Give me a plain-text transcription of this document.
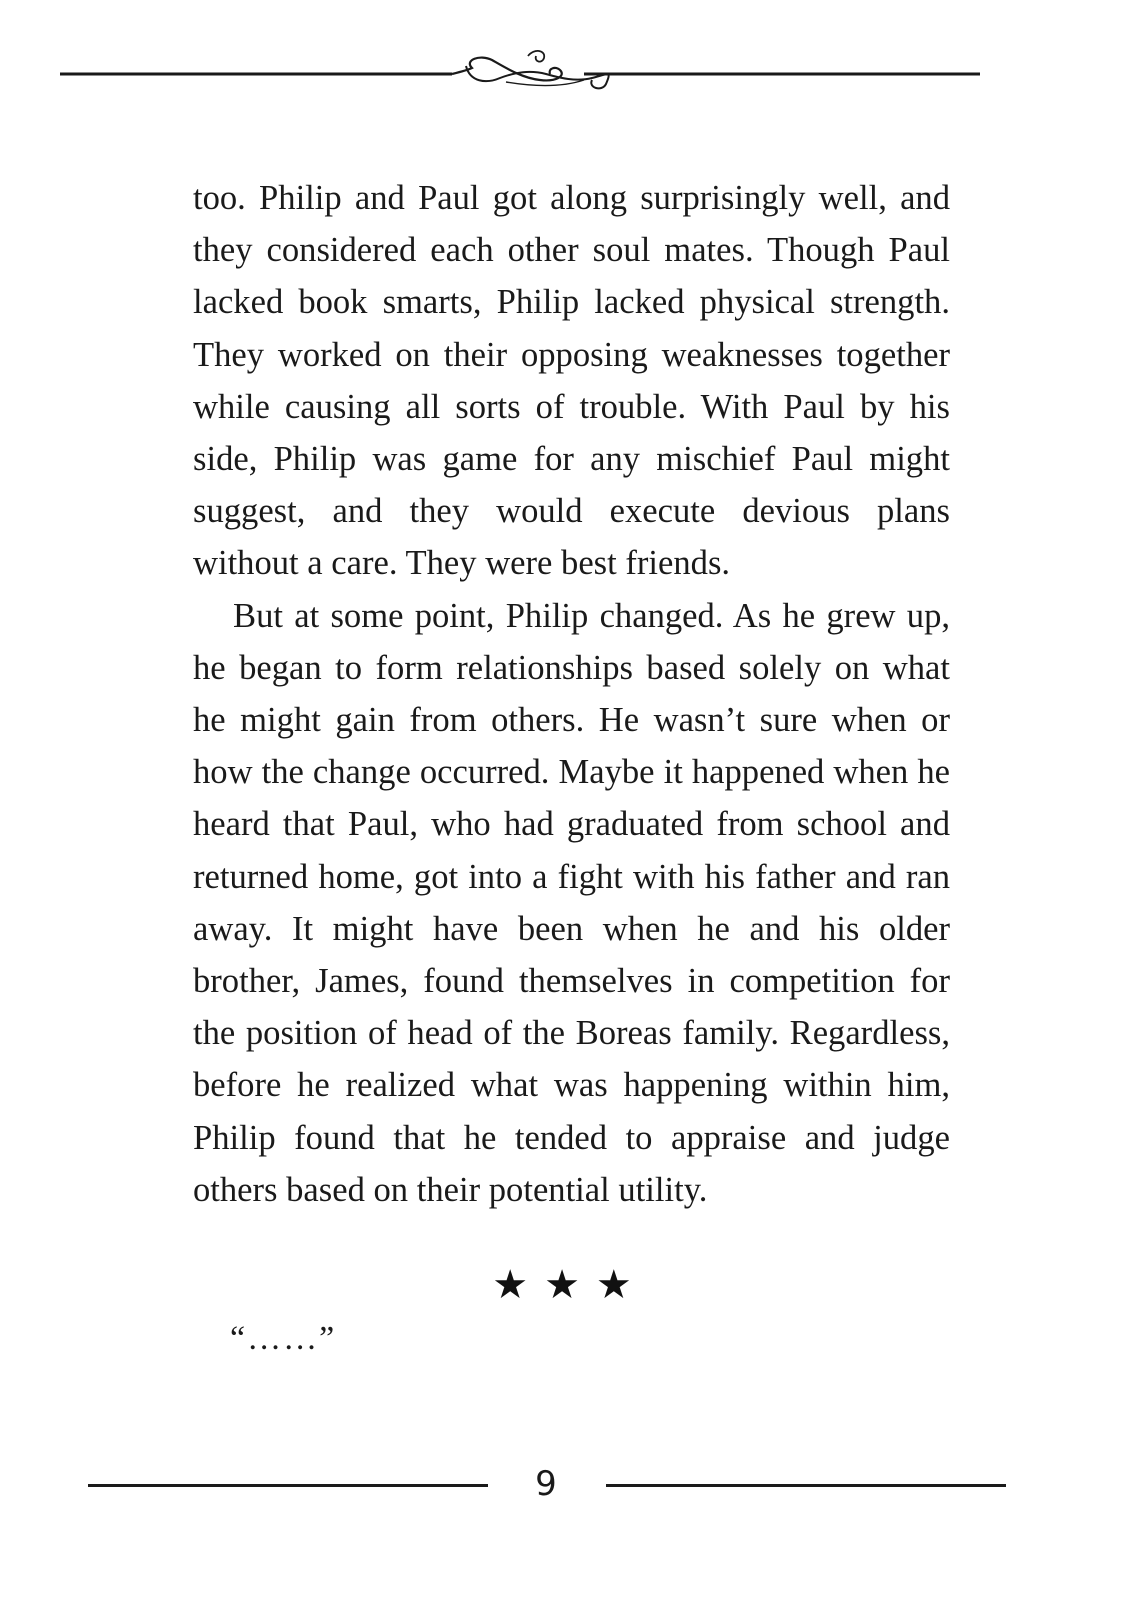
too. Philip and Paul got along surprisingly well, and they considered each other soul mates. Though Paul lacked book smarts, Philip lacked physical strength. They worked on their opposing weaknesses together while causing all sorts of trouble. With Paul by his side, Philip was game for any mischief Paul might suggest, and they would execute devious plans without a care. They were best friends.

But at some point, Philip changed. As he grew up, he began to form relationships based solely on what he might gain from others. He wasn’t sure when or how the change occurred. Maybe it happened when he heard that Paul, who had graduated from school and returned home, got into a fight with his father and ran away. It might have been when he and his older brother, James, found themselves in competition for the position of head of the Boreas family. Regardless, before he realized what was happening within him, Philip found that he tended to appraise and judge others based on their potential utility.

★★★
“……”
9
